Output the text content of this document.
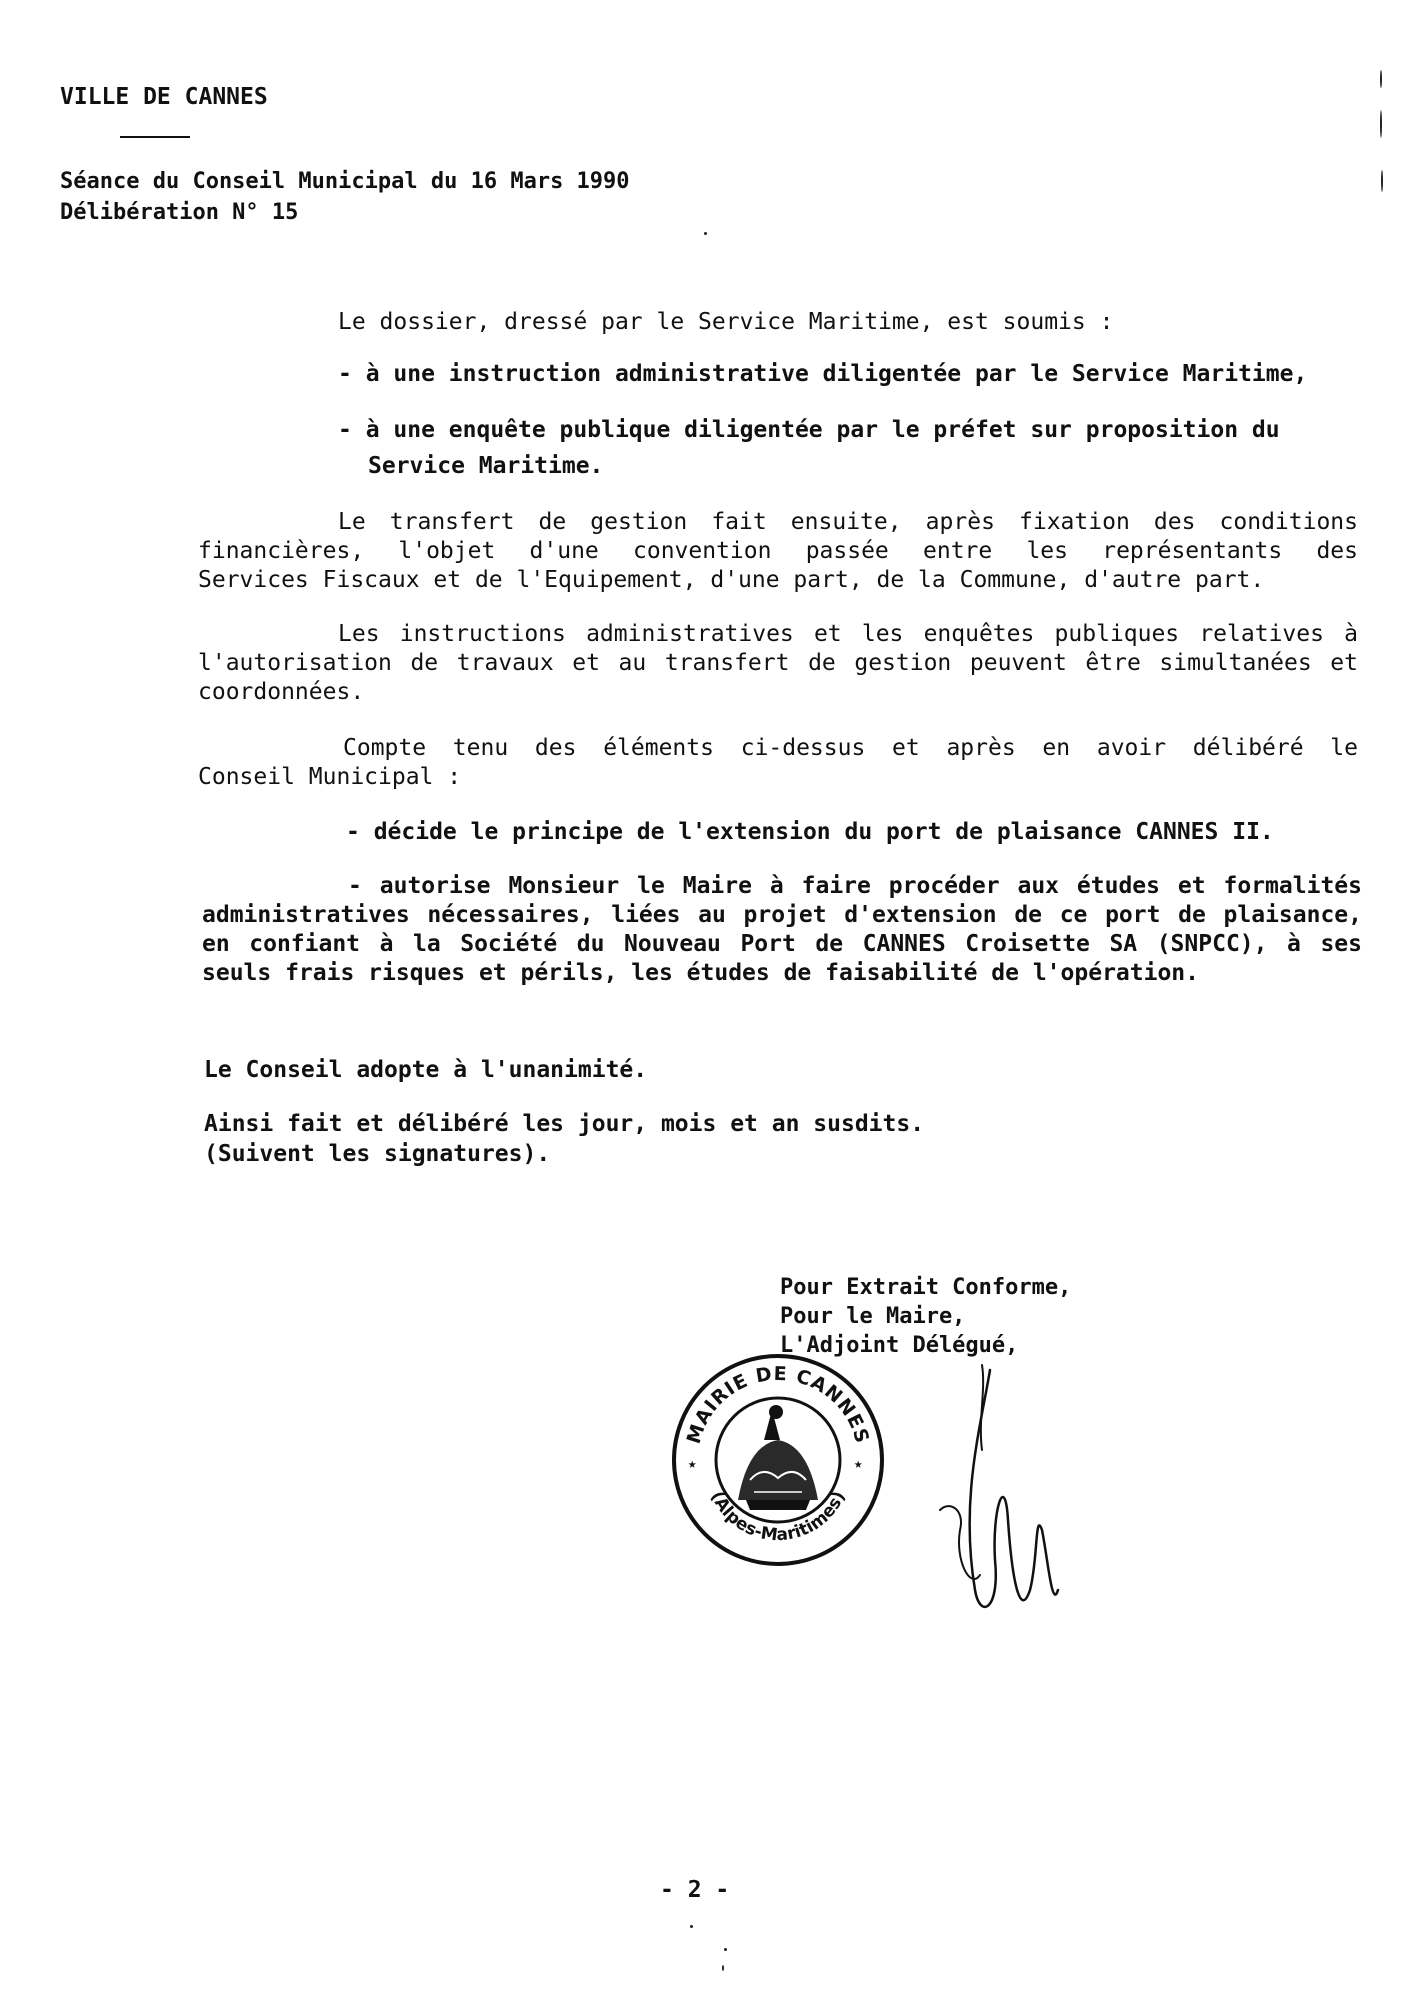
VILLE DE CANNES
Séance du Conseil Municipal du 16 Mars 1990
Délibération N° 15
Le dossier, dressé par le Service Maritime, est soumis :
- à une instruction administrative diligentée par le Service Maritime,
- à une enquête publique diligentée par le préfet sur proposition du
Service Maritime.
Le transfert de gestion fait ensuite, après fixation des conditions
financières, l'objet d'une convention passée entre les représentants des
Services Fiscaux et de l'Equipement, d'une part, de la Commune, d'autre part.
Les instructions administratives et les enquêtes publiques relatives à
l'autorisation de travaux et au transfert de gestion peuvent être simultanées et
coordonnées.
Compte tenu des éléments ci-dessus et après en avoir délibéré le
Conseil Municipal :
- décide le principe de l'extension du port de plaisance CANNES II.
- autorise Monsieur le Maire à faire procéder aux études et formalités
administratives nécessaires, liées au projet d'extension de ce port de plaisance,
en confiant à la Société du Nouveau Port de CANNES Croisette SA (SNPCC), à ses
seuls frais risques et périls, les études de faisabilité de l'opération.
Le Conseil adopte à l'unanimité.
Ainsi fait et délibéré les jour, mois et an susdits.
(Suivent les signatures).
Pour Extrait Conforme,
Pour le Maire,
L'Adjoint Délégué,
MAIRIE DE CANNES
(Alpes-Maritimes)
★	★
- 2 -
